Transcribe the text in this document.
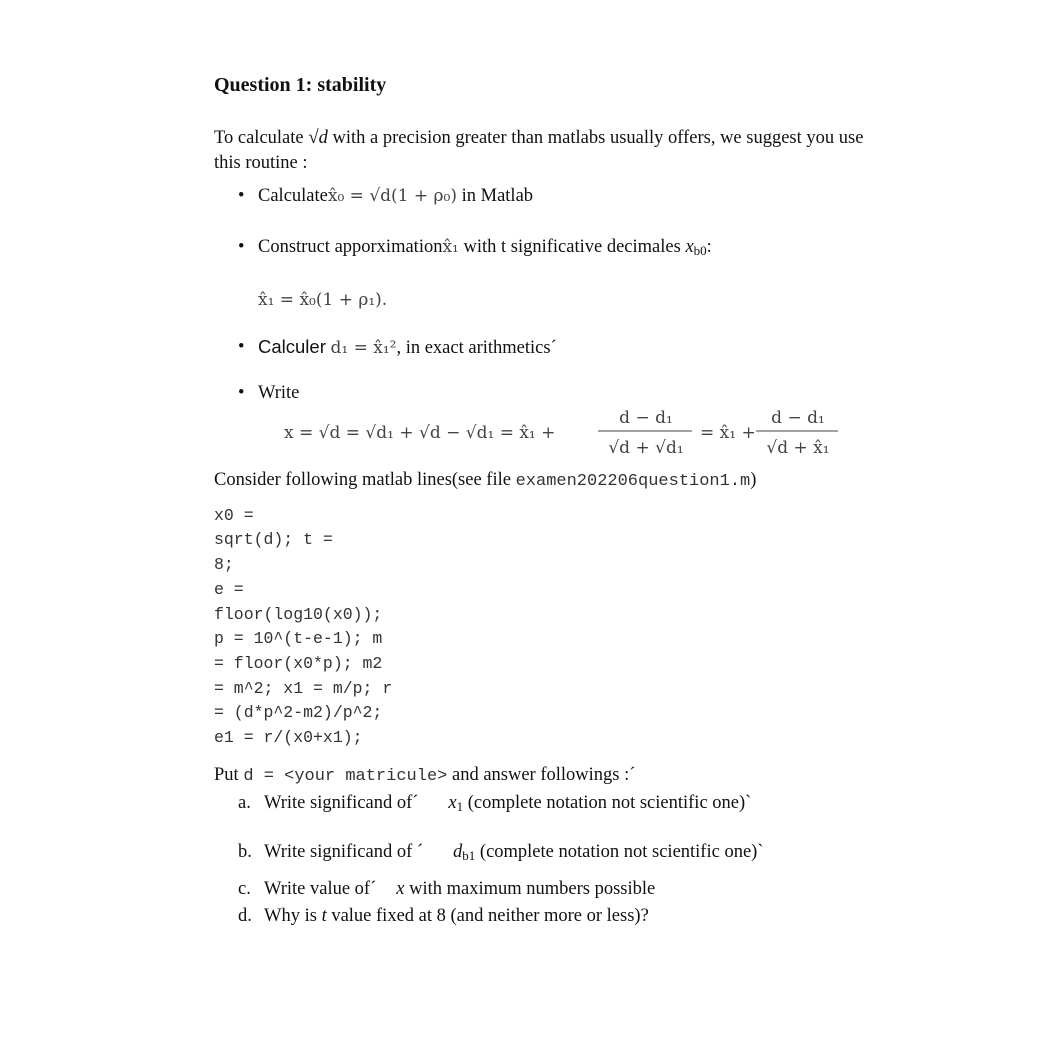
Question 1: stability

To calculate √d with a precision greater than matlabs usually offers, we suggest you use this routine :

• Calculatex̂₀ = √d(1 + ρ₀) in Matlab
• Construct apporximationx̂₁ with t significative decimales $x_{b0}$:
x̂₁ = x̂₀(1 + ρ₁).
• Calculer d₁ = x̂₁², in exact arithmetics´
• Write
x = √d = √d₁ + √d − √d₁ = x̂₁ +
d − d₁
√d + √d₁
= x̂₁ +
d − d₁
√d + x̂₁
Consider following matlab lines(see file examen202206question1.m)
x0 =
sqrt(d); t =
8;
e =
floor(log10(x0));
p = 10^(t-e-1); m
= floor(x0*p); m2
= m^2; x1 = m/p; r
= (d*p^2-m2)/p^2;
e1 = r/(x0+x1);
Put d = <your matricule> and answer followings :´
a. Write significand of´ $x_1$ (complete notation not scientific one)`
b. Write significand of ´ $d_{b1}$ (complete notation not scientific one)`
c. Write value of´ x with maximum numbers possible
d. Why is t value fixed at 8 (and neither more or less)?
